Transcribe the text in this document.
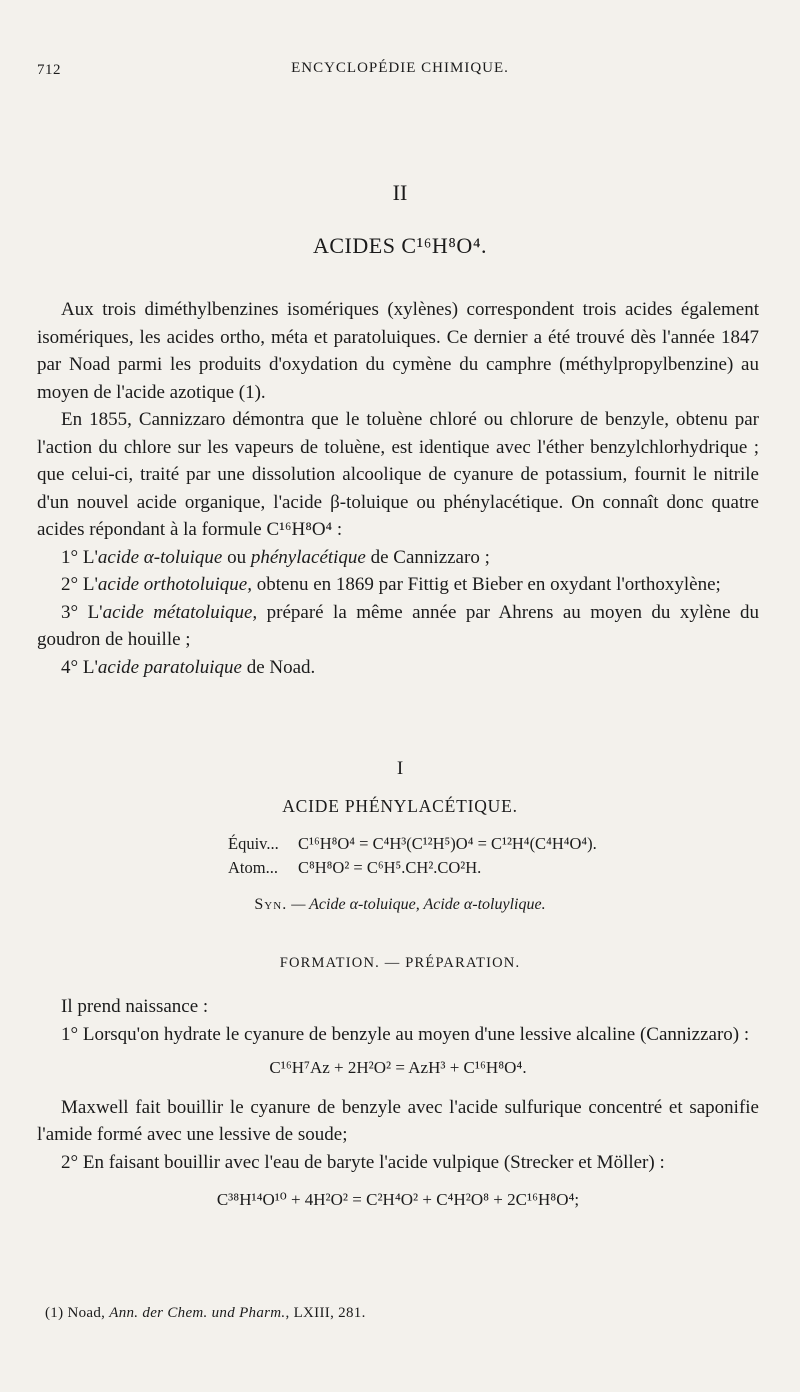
712	ENCYCLOPÉDIE CHIMIQUE.
II
ACIDES C¹⁶H⁸O⁴.

Aux trois diméthylbenzines isomériques (xylènes) correspondent trois acides également isomériques, les acides ortho, méta et paratoluiques. Ce dernier a été trouvé dès l'année 1847 par Noad parmi les produits d'oxydation du cymène du camphre (méthylpropylbenzine) au moyen de l'acide azotique (1).

En 1855, Cannizzaro démontra que le toluène chloré ou chlorure de benzyle, obtenu par l'action du chlore sur les vapeurs de toluène, est identique avec l'éther benzylchlorhydrique ; que celui-ci, traité par une dissolution alcoolique de cyanure de potassium, fournit le nitrile d'un nouvel acide organique, l'acide β-toluique ou phénylacétique. On connaît donc quatre acides répondant à la formule C¹⁶H⁸O⁴ :

1° L'acide α-toluique ou phénylacétique de Cannizzaro ;

2° L'acide orthotoluique, obtenu en 1869 par Fittig et Bieber en oxydant l'orthoxylène;

3° L'acide métatoluique, préparé la même année par Ahrens au moyen du xylène du goudron de houille ;

4° L'acide paratoluique de Noad.

I
ACIDE PHÉNYLACÉTIQUE.
Équiv... C¹⁶H⁸O⁴ = C⁴H³(C¹²H⁵)O⁴ = C¹²H⁴(C⁴H⁴O⁴).
Atom... C⁸H⁸O² = C⁶H⁵.CH².CO²H.
Syn. — Acide α-toluique, Acide α-toluylique.
FORMATION. — PRÉPARATION.

Il prend naissance :

1° Lorsqu'on hydrate le cyanure de benzyle au moyen d'une lessive alcaline (Cannizzaro) :

C¹⁶H⁷Az + 2H²O² = AzH³ + C¹⁶H⁸O⁴.

Maxwell fait bouillir le cyanure de benzyle avec l'acide sulfurique concentré et saponifie l'amide formé avec une lessive de soude;

2° En faisant bouillir avec l'eau de baryte l'acide vulpique (Strecker et Möller) :

C³⁸H¹⁴O¹⁰ + 4H²O² = C²H⁴O² + C⁴H²O⁸ + 2C¹⁶H⁸O⁴;

(1) Noad, Ann. der Chem. und Pharm., LXIII, 281.
